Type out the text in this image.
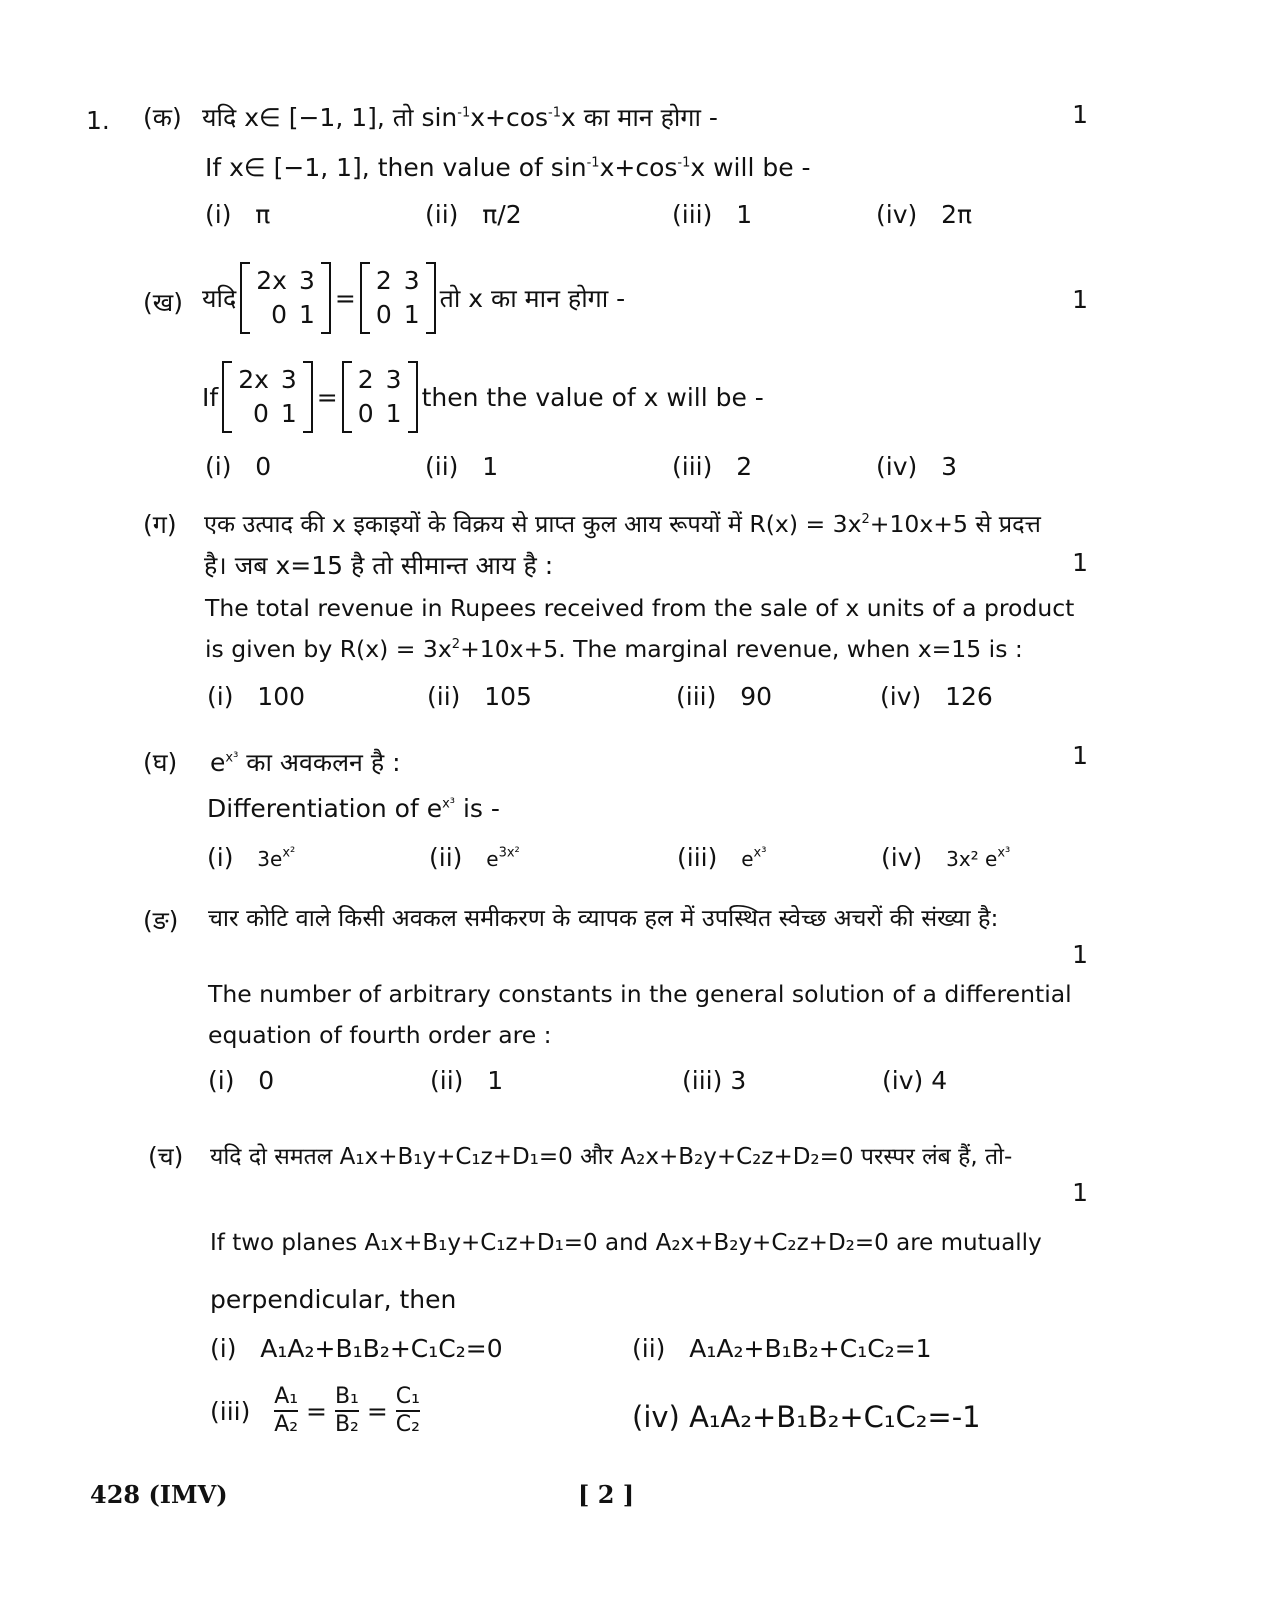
1. (क) यदि x∈ [−1, 1], तो $\sin^{-1}x+\cos^{-1}x$ का मान होगा -	1
If x∈ [−1, 1], then value of $\sin^{-1}x+\cos^{-1}x$ will be -
(i) π	(ii) π/2	(iii) 1	(iv) 2π
(ख) यदि
2x	3
0	1
=
2	3
0	1
तो x का मान होगा -	1
If
2x	3
0	1
=
2	3
0	1
then the value of x will be -
(i) 0	(ii) 1	(iii) 2	(iv) 3
(ग) एक उत्पाद की x इकाइयों के विक्रय से प्राप्त कुल आय रूपयों में $R(x) = 3x^2+10x+5$ से प्रदत्त
है। जब x=15 है तो सीमान्त आय है :	1
The total revenue in Rupees received from the sale of x units of a product
is given by $R(x) = 3x^2+10x+5$. The marginal revenue, when x=15 is :
(i) 100	(ii) 105	(iii) 90	(iv) 126
(घ) $e^{x^3}$ का अवकलन है :	1
Differentiation of $e^{x^3}$ is -
(i) $3e^{x^2}$	(ii) $e^{3x^2}$	(iii) $e^{x^3}$	(iv) 3x² $e^{x^3}$
(ङ) चार कोटि वाले किसी अवकल समीकरण के व्यापक हल में उपस्थित स्वेच्छ अचरों की संख्या है:
1
The number of arbitrary constants in the general solution of a differential
equation of fourth order are :
(i) 0	(ii) 1	(iii) 3	(iv) 4
(च) यदि दो समतल A₁x+B₁y+C₁z+D₁=0 और A₂x+B₂y+C₂z+D₂=0 परस्पर लंब हैं, तो-
1
If two planes A₁x+B₁y+C₁z+D₁=0 and A₂x+B₂y+C₂z+D₂=0 are mutually
perpendicular, then
(i) A₁A₂+B₁B₂+C₁C₂=0	(ii) A₁A₂+B₁B₂+C₁C₂=1
(iii)
$\frac{\text{A₁}}{\text{A₂}}$
=
$\frac{\text{B₁}}{\text{B₂}}$
=
$\frac{\text{C₁}}{\text{C₂}}$	(iv) A₁A₂+B₁B₂+C₁C₂=-1
428 (IMV)	[ 2 ]
